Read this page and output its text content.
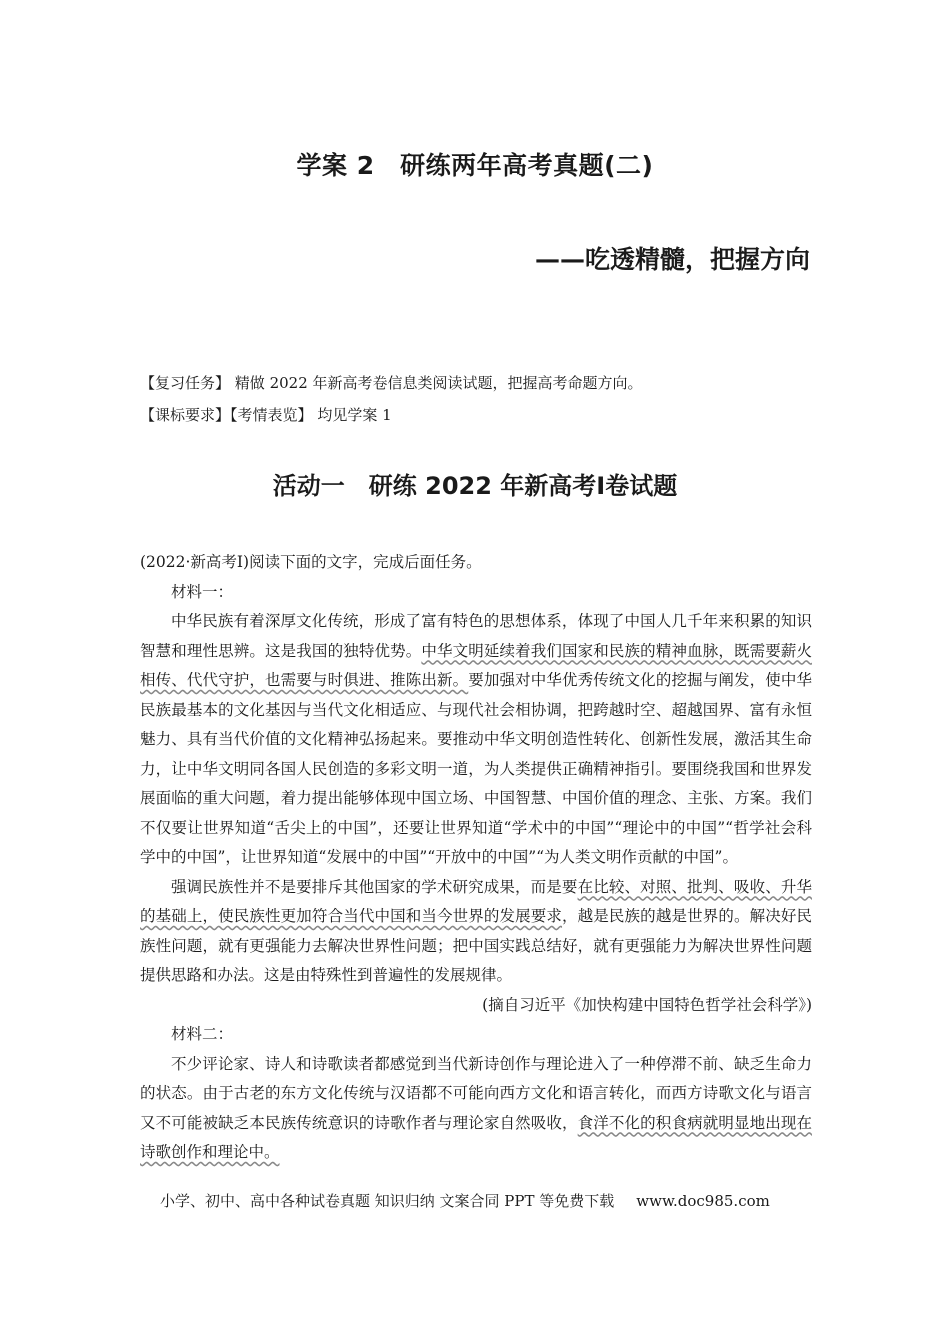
学案 2　研练两年高考真题(二)
——吃透精髓，把握方向
【复习任务】 精做 2022 年新高考卷信息类阅读试题，把握高考命题方向。
【课标要求】【考情表览】 均见学案 1
活动一　研练 2022 年新高考Ⅰ卷试题

(2022·新高考Ⅰ)阅读下面的文字，完成后面任务。

材料一：

中华民族有着深厚文化传统，形成了富有特色的思想体系，体现了中国人几千年来积累的知识智慧和理性思辨。这是我国的独特优势。中华文明延续着我们国家和民族的精神血脉，既需要薪火相传、代代守护，也需要与时俱进、推陈出新。要加强对中华优秀传统文化的挖掘与阐发，使中华民族最基本的文化基因与当代文化相适应、与现代社会相协调，把跨越时空、超越国界、富有永恒魅力、具有当代价值的文化精神弘扬起来。要推动中华文明创造性转化、创新性发展，激活其生命力，让中华文明同各国人民创造的多彩文明一道，为人类提供正确精神指引。要围绕我国和世界发展面临的重大问题，着力提出能够体现中国立场、中国智慧、中国价值的理念、主张、方案。我们不仅要让世界知道“舌尖上的中国”，还要让世界知道“学术中的中国”“理论中的中国”“哲学社会科学中的中国”，让世界知道“发展中的中国”“开放中的中国”“为人类文明作贡献的中国”。

强调民族性并不是要排斥其他国家的学术研究成果，而是要在比较、对照、批判、吸收、升华的基础上，使民族性更加符合当代中国和当今世界的发展要求，越是民族的越是世界的。解决好民族性问题，就有更强能力去解决世界性问题；把中国实践总结好，就有更强能力为解决世界性问题提供思路和办法。这是由特殊性到普遍性的发展规律。

(摘自习近平《加快构建中国特色哲学社会科学》)

材料二：

不少评论家、诗人和诗歌读者都感觉到当代新诗创作与理论进入了一种停滞不前、缺乏生命力的状态。由于古老的东方文化传统与汉语都不可能向西方文化和语言转化，而西方诗歌文化与语言又不可能被缺乏本民族传统意识的诗歌作者与理论家自然吸收，食洋不化的积食病就明显地出现在诗歌创作和理论中。

小学、初中、高中各种试卷真题 知识归纳 文案合同 PPT 等免费下载 www.doc985.com
